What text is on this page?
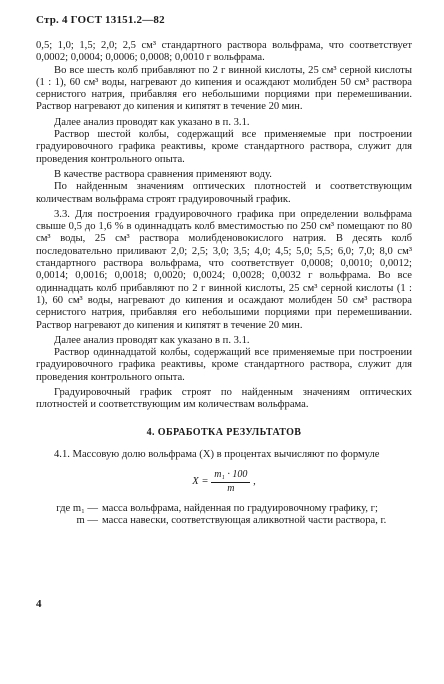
Стр. 4 ГОСТ 13151.2—82

0,5; 1,0; 1,5; 2,0; 2,5 см³ стандартного раствора вольфрама, что соответствует 0,0002; 0,0004; 0,0006; 0,0008; 0,0010 г вольфрама.

Во все шесть колб прибавляют по 2 г винной кислоты, 25 см³ серной кислоты (1 : 1), 60 см³ воды, нагревают до кипения и осаждают молибден 50 см³ раствора сернистого натрия, прибавляя его небольшими порциями при перемешивании. Раствор нагревают до кипения и кипятят в течение 20 мин.

Далее анализ проводят как указано в п. 3.1.

Раствор шестой колбы, содержащий все применяемые при построении градуировочного графика реактивы, кроме стандартного раствора, служит для проведения контрольного опыта.

В качестве раствора сравнения применяют воду.

По найденным значениям оптических плотностей и соответствующим количествам вольфрама строят градуировочный график.

3.3. Для построения градуировочного графика при определении вольфрама свыше 0,5 до 1,6 % в одиннадцать колб вместимостью по 250 см³ помещают по 80 см³ воды, 25 см³ раствора молибденовокислого натрия. В десять колб последовательно приливают 2,0; 2,5; 3,0; 3,5; 4,0; 4,5; 5,0; 5,5; 6,0; 7,0; 8,0 см³ стандартного раствора вольфрама, что соответствует 0,0008; 0,0010; 0,0012; 0,0014; 0,0016; 0,0018; 0,0020; 0,0024; 0,0028; 0,0032 г вольфрама. Во все одиннадцать колб прибавляют по 2 г винной кислоты, 25 см³ серной кислоты (1 : 1), 60 см³ воды, нагревают до кипения и осаждают молибден 50 см³ раствора сернистого натрия, прибавляя его небольшими порциями при перемешивании. Раствор нагревают до кипения и кипятят в течение 20 мин.

Далее анализ проводят как указано в п. 3.1.

Раствор одиннадцатой колбы, содержащий все применяемые при построении градуировочного графика реактивы, кроме стандартного раствора, служит для проведения контрольного опыта.

Градуировочный график строят по найденным значениям оптических плотностей и соответствующим им количествам вольфрама.

4. ОБРАБОТКА РЕЗУЛЬТАТОВ

4.1. Массовую долю вольфрама (X) в процентах вычисляют по формуле

$X = \frac{\text{m₁ · 100}}{m}$ ,

где m₁ — масса вольфрама, найденная по градуировочному графику, г;
m — масса навески, соответствующая аликвотной части раствора, г.
4
